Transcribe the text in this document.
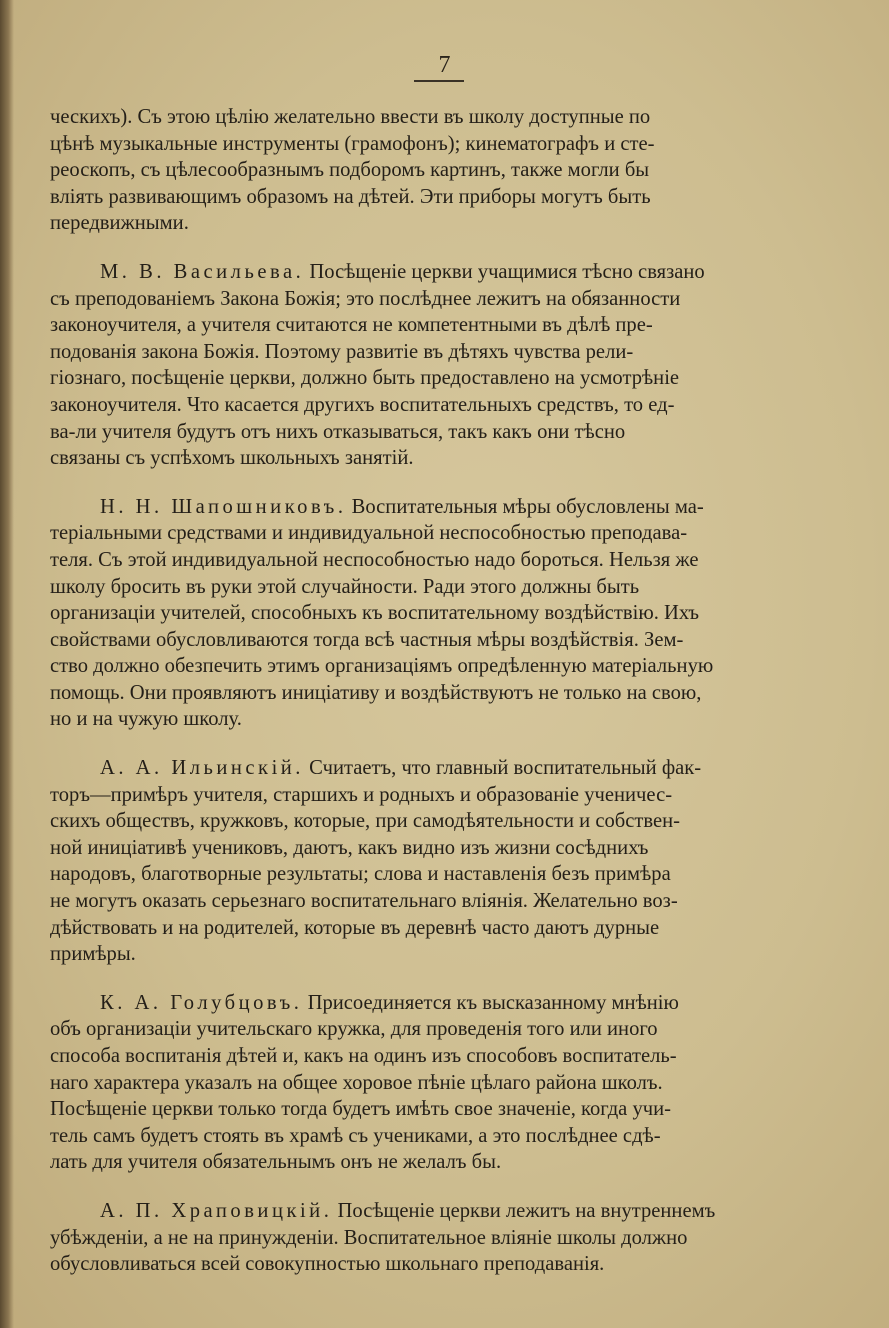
7
ческихъ). Съ этою цѣлію желательно ввести въ школу доступные по
цѣнѣ музыкальные инструменты (грамофонъ); кинематографъ и сте-
реоскопъ, съ цѣлесообразнымъ подборомъ картинъ, также могли бы
вліять развивающимъ образомъ на дѣтей. Эти приборы могутъ быть
передвижными.
М. В. Васильева. Посѣщеніе церкви учащимися тѣсно связано
съ преподованіемъ Закона Божія; это послѣднее лежитъ на обязанности
законоучителя, а учителя считаются не компетентными въ дѣлѣ пре-
подованія закона Божія. Поэтому развитіе въ дѣтяхъ чувства рели-
гіознаго, посѣщеніе церкви, должно быть предоставлено на усмотрѣніе
законоучителя. Что касается другихъ воспитательныхъ средствъ, то ед-
ва-ли учителя будутъ отъ нихъ отказываться, такъ какъ они тѣсно
связаны съ успѣхомъ школьныхъ занятій.
Н. Н. Шапошниковъ. Воспитательныя мѣры обусловлены ма-
теріальными средствами и индивидуальной неспособностью преподава-
теля. Съ этой индивидуальной неспособностью надо бороться. Нельзя же
школу бросить въ руки этой случайности. Ради этого должны быть
организаціи учителей, способныхъ къ воспитательному воздѣйствію. Ихъ
свойствами обусловливаются тогда всѣ частныя мѣры воздѣйствія. Зем-
ство должно обезпечить этимъ организаціямъ опредѣленную матеріальную
помощь. Они проявляютъ иниціативу и воздѣйствуютъ не только на свою,
но и на чужую школу.
А. А. Ильинскій. Считаетъ, что главный воспитательный фак-
торъ—примѣръ учителя, старшихъ и родныхъ и образованіе ученичес-
скихъ обществъ, кружковъ, которые, при самодѣятельности и собствен-
ной иниціативѣ учениковъ, даютъ, какъ видно изъ жизни сосѣднихъ
народовъ, благотворные результаты; слова и наставленія безъ примѣра
не могутъ оказать серьезнаго воспитательнаго вліянія. Желательно воз-
дѣйствовать и на родителей, которые въ деревнѣ часто даютъ дурные
примѣры.
К. А. Голубцовъ. Присоединяется къ высказанному мнѣнію
объ организаціи учительскаго кружка, для проведенія того или иного
способа воспитанія дѣтей и, какъ на одинъ изъ способовъ воспитатель-
наго характера указалъ на общее хоровое пѣніе цѣлаго района школъ.
Посѣщеніе церкви только тогда будетъ имѣть свое значеніе, когда учи-
тель самъ будетъ стоять въ храмѣ съ учениками, а это послѣднее сдѣ-
лать для учителя обязательнымъ онъ не желалъ бы.
А. П. Храповицкій. Посѣщеніе церкви лежитъ на внутреннемъ
убѣжденіи, а не на принужденіи. Воспитательное вліяніе школы должно
обусловливаться всей совокупностью школьнаго преподаванія.
